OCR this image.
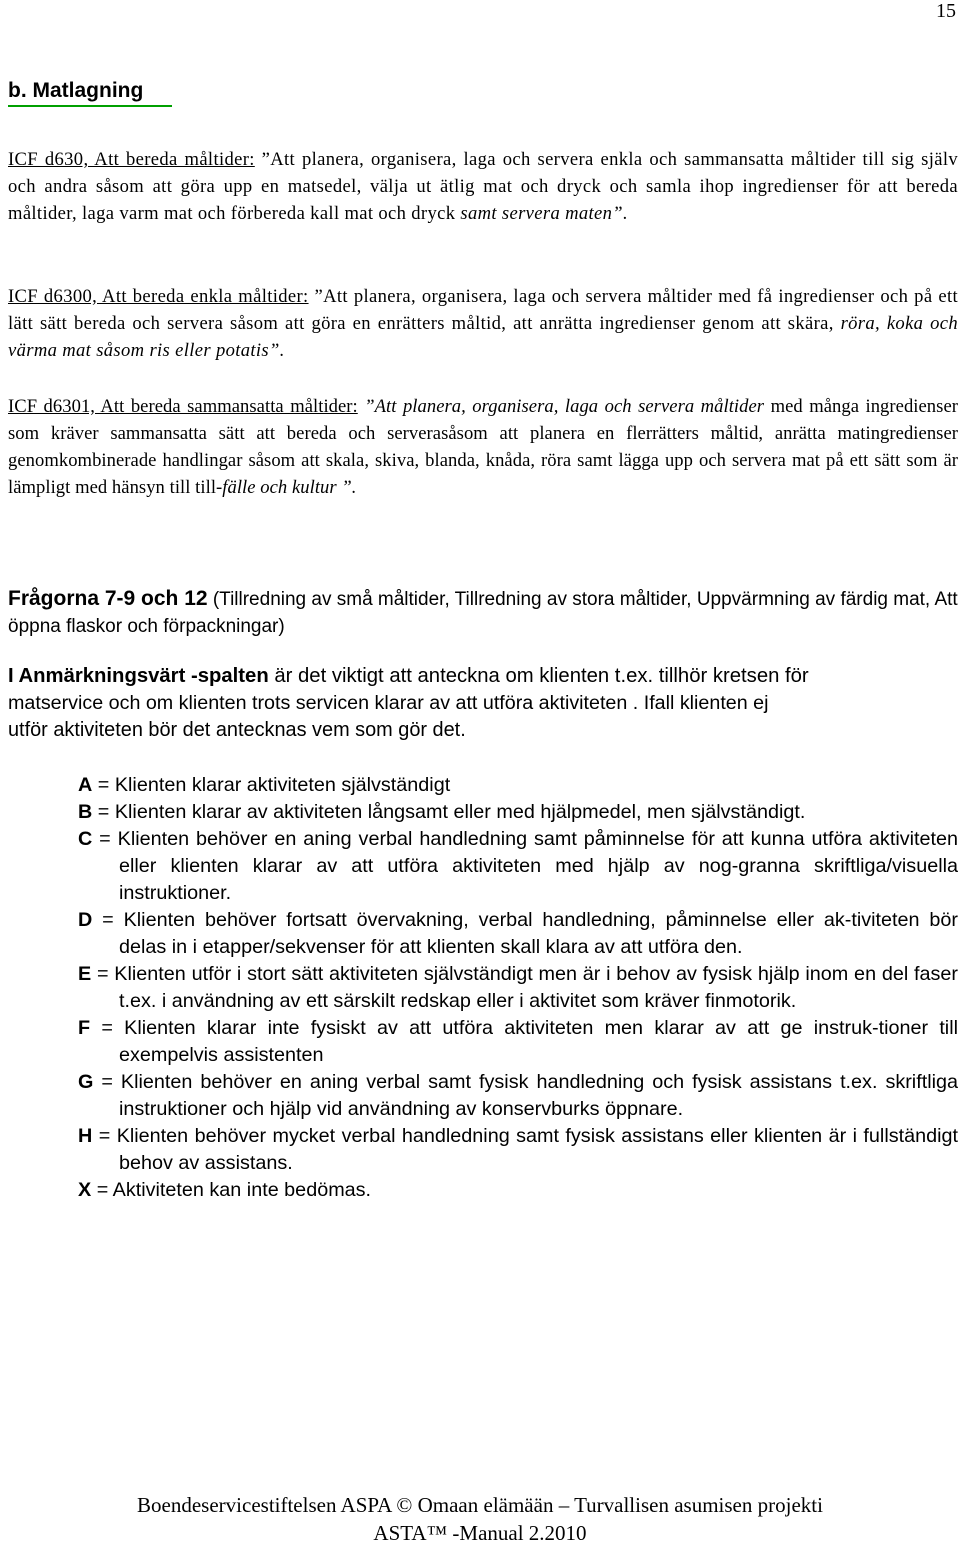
15
b. Matlagning
ICF d630, Att bereda måltider: ”Att planera, organisera, laga och servera enkla och sammansatta måltider till sig själv och andra såsom att göra upp en matsedel, välja ut ätlig mat och dryck och samla ihop ingredienser för att bereda måltider, laga varm mat och förbereda kall mat och dryck samt servera maten”.
ICF d6300, Att bereda enkla måltider: ”Att planera, organisera, laga och servera måltider med få ingredienser och på ett lätt sätt bereda och servera såsom att göra en enrätters måltid, att anrätta ingredienser genom att skära, röra, koka och värma mat såsom ris eller potatis”.
ICF d6301, Att bereda sammansatta måltider: ”Att planera, organisera, laga och servera måltider med många ingredienser som kräver sammansatta sätt att bereda och serverasåsom att planera en flerrätters måltid, anrätta matingredienser genomkombinerade handlingar såsom att skala, skiva, blanda, knåda, röra samt lägga upp och servera mat på ett sätt som är lämpligt med hänsyn till till-fälle och kultur ”.
Frågorna 7-9 och 12 (Tillredning av små måltider, Tillredning av stora måltider, Uppvärmning av färdig mat, Att öppna flaskor och förpackningar)
I Anmärkningsvärt -spalten är det viktigt att anteckna om klienten t.ex. tillhör kretsen för
matservice och om klienten trots servicen klarar av att utföra aktiviteten . Ifall klienten ej
utför aktiviteten bör det antecknas vem som gör det.
A = Klienten klarar aktiviteten självständigt
B = Klienten klarar av aktiviteten långsamt eller med hjälpmedel, men självständigt.
C = Klienten behöver en aning verbal handledning samt påminnelse för att kunna utföra aktiviteten eller klienten klarar av att utföra aktiviteten med hjälp av nog-granna skriftliga/visuella instruktioner.
D = Klienten behöver fortsatt övervakning, verbal handledning, påminnelse eller ak-tiviteten bör delas in i etapper/sekvenser för att klienten skall klara av att utföra den.
E = Klienten utför i stort sätt aktiviteten självständigt men är i behov av fysisk hjälp inom en del faser t.ex. i användning av ett särskilt redskap eller i aktivitet som kräver finmotorik.
F = Klienten klarar inte fysiskt av att utföra aktiviteten men klarar av att ge instruk-tioner till exempelvis assistenten
G = Klienten behöver en aning verbal samt fysisk handledning och fysisk assistans t.ex. skriftliga instruktioner och hjälp vid användning av konservburks öppnare.
H = Klienten behöver mycket verbal handledning samt fysisk assistans eller klienten är i fullständigt behov av assistans.
X = Aktiviteten kan inte bedömas.
Boendeservicestiftelsen ASPA © Omaan elämään – Turvallisen asumisen projekti
ASTA™ -Manual 2.2010
